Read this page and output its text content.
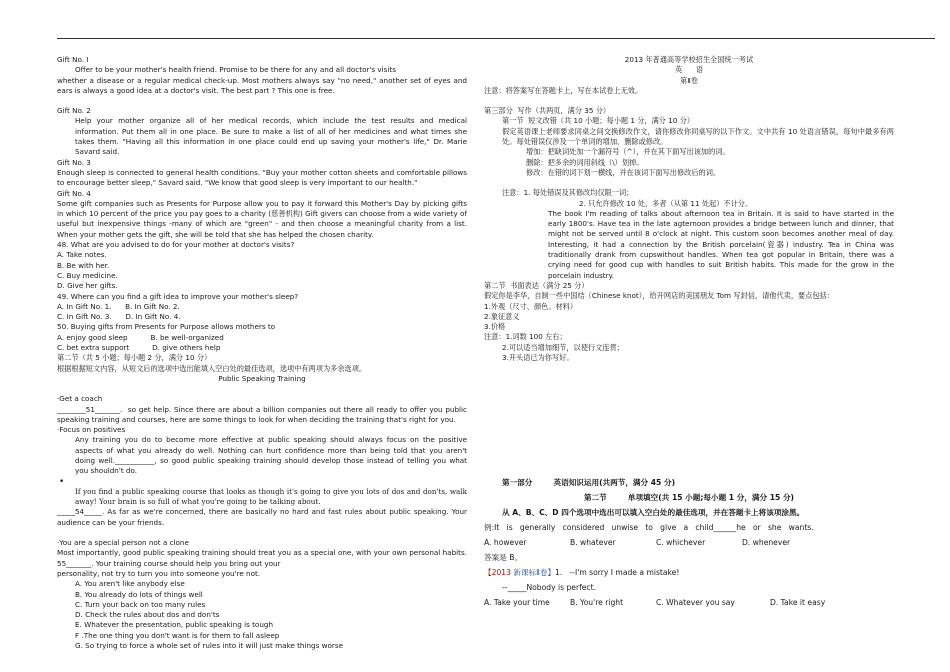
Gift No. I

Offer to be your mother's health friend. Promise to be there for any and all doctor's visits

whether a disease or a regular medical check-up. Most mothers always say "no need," another set of eyes and ears is always a good idea at a doctor's visit. The best part ? This one is free.

Gift No. 2

Help your mother organize all of her medical records, which include the test results and medical information. Put them all in one place. Be sure to make a list of all of her medicines and what times she takes them. "Having all this information in one place could end up saving your mother's life," Dr. Marie Savard said.

Gift No. 3

Enough sleep is connected to general health conditions. "Buy your mother cotton sheets and comfortable pillows to encourage better sleep," Savard said. "We know that good sleep is very important to our health."

Gift No. 4

Some gift companies such as Presents for Purpose allow you to pay it forward this Mother's Day by picking gifts in which 10 percent of the price you pay goes to a charity (慈善机构) Gift givers can choose from a wide variety of useful but inexpensive things -many of which are "green" - and then choose a meaningful charity from a list. When your mother gets the gift, she will be told that she has helped the chosen charity.

48. What are you advised to do for your mother at doctor's visits?

A. Take notes.

B. Be with her.

C. Buy medicine.

D. Give her gifts.

49. Where can you find a gift idea to improve your mother's sleep?

A. In Gift No. 1.      B. In Gift No. 2.

C. In Gift No. 3.      D. In Gift No. 4.

50. Buying gifts from Presents for Purpose allows mothers to

A. enjoy good sleep          B. be well-organized

C. bet extra support          D. give others help

第二节（共 5 小题；每小题 2 分，满分 10 分）

根据根据短文内容，从短文后的选项中选出能填入空白处的最佳选项，选项中有两项为多余选项。

Public Speaking Training

·Get a coach

________51_______.  so get help. Since there are about a billion companies out there all ready to offer you public speaking training and courses, here are some things to look for when deciding the training that's right for you.

·Focus on positives

Any training you do to become more effective at public speaking should always focus on the positive aspects of what you already do well. Nothing can hurt confidence more than being told that you aren't doing well.___________, so good public speaking training should develop those instead of telling you what you shouldn't do.

•

If you find a public speaking course that looks as though it's going to give you lots of dos and don'ts, walk away! Your brain is so full of what you're going to be talking about.

_____54_____. As far as we're concerned, there are basically no hard and fast rules about public speaking. Your audience can be your friends.

·You are a special person not a clone

Most importantly, good public speaking training should treat you as a special one, with your own personal habits. 55_______. Your training course should help you bring out your

personality, not try to turn you into someone you're not.

A. You aren't like anybody else

B. You already do lots of things well

C. Turn your back on too many rules

D. Check the rules about dos and don'ts

E. Whatever the presentation, public speaking is tough

F .The one thing you don't want is for them to fall asleep

G. So trying to force a whole set of rules into it will just make things worse

2013 年普通高等学校招生全国统一考试

英      语

第Ⅱ卷

注意：将答案写在答题卡上，写在本试卷上无效。

第三部分  写作（共两页，满分 35 分）

第一节  短文改错（共 10 小题；每小题 1 分，满分 10 分）

假定英语课上老师要求同桌之间交换修改作文，请你修改你同桌写的以下作文。文中共有 10 处语言错误，每句中最多有两处。每处错误仅涉及一个单词的增加、删除或修改。

增加：把缺词处加一个漏符号（^），并在其下面写出该加的词。

删除：把多余的词用斜线（\）划掉。

修改：在错的词下划一横线，并在该词下面写出修改后的词。

注意：1. 每处错误及其修改均仅限一词；

2. 只允许修改 10 处，多者（从第 11 处起）不计分。

The book I'm reading of talks about afternoon tea in Britain. It is said to have started in the early 1800's. Have tea in the late agternoon provides a bridge between lunch and dinner, that might not be served until 8 o'clock at night. This custom soon becomes another meal of day. Interesting, it had a connection by the British porcelain(瓷器) industry. Tea in China was traditionally drank from cupswithout handles. When tea got popular in Britain, there was a crying need for good cup with handles to suit British habits. This made for the grow in the porcelain industry.

第二节  书面表达（满分 25 分）

假定你是李华，自制一些中国结（Chinese knot），给开网店的美国朋友 Tom 写封信，请他代卖，要点包括：

1.外观（尺寸、颜色、材料）

2.象征意义

3.价格

注意：1.词数 100 左右；

2.可以适当增加细节，以使行文连贯；

3.开头语已为你写好。

第一部分        英语知识运用(共两节，满分 45 分)

第二节        单项填空(共 15 小题;每小题 1 分，满分 15 分)

从 A、B、C、D 四个选项中选出可以填入空白处的最佳选项，并在答题卡上将该项涂黑。

例:It   is   generally   considered   unwise   to   give   a   child______he   or   she   wants.

A. however	B. whatever	C. whichever	D. whenever

答案是 B。

【2013 新课标Ⅱ卷】1.   --I'm sorry I made a mistake!

--_____Nobody is perfect.

A. Take your time	B. You're right	C. Whatever you say	D. Take it easy
